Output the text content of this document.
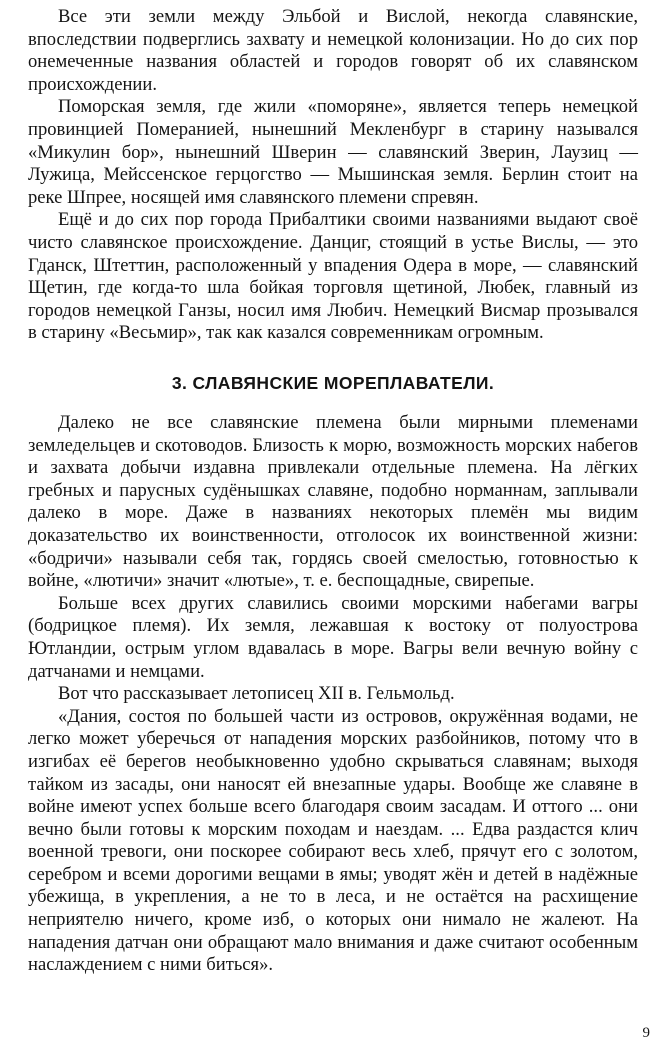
Все эти земли между Эльбой и Вислой, некогда славянские, впоследствии подверглись захвату и немецкой колонизации. Но до сих пор онемеченные названия областей и городов говорят об их славянском происхождении.

Поморская земля, где жили «поморяне», является теперь немецкой провинцией Померанией, нынешний Мекленбург в старину назывался «Микулин бор», нынешний Шверин — славянский Зверин, Лаузиц — Лужица, Мейссенское герцогство — Мышинская земля. Берлин стоит на реке Шпрее, носящей имя славянского племени спревян.

Ещё и до сих пор города Прибалтики своими названиями выдают своё чисто славянское происхождение. Данциг, стоящий в устье Вислы, — это Гданск, Штеттин, расположенный у впадения Одера в море, — славянский Щетин, где когда-то шла бойкая торговля щетиной, Любек, главный из городов немецкой Ганзы, носил имя Любич. Немецкий Висмар прозывался в старину «Весьмир», так как казался современникам огромным.

3. СЛАВЯНСКИЕ МОРЕПЛАВАТЕЛИ.

Далеко не все славянские племена были мирными племенами земледельцев и скотоводов. Близость к морю, возможность морских набегов и захвата добычи издавна привлекали отдельные племена. На лёгких гребных и парусных судёнышках славяне, подобно норманнам, заплывали далеко в море. Даже в названиях некоторых племён мы видим доказательство их воинственности, отголосок их воинственной жизни: «бодричи» называли себя так, гордясь своей смелостью, готовностью к войне, «лютичи» значит «лютые», т. е. беспощадные, свирепые.

Больше всех других славились своими морскими набегами вагры (бодрицкое племя). Их земля, лежавшая к востоку от полуострова Ютландии, острым углом вдавалась в море. Вагры вели вечную войну с датчанами и немцами.

Вот что рассказывает летописец XII в. Гельмольд.

«Дания, состоя по большей части из островов, окружённая водами, не легко может уберечься от нападения морских разбойников, потому что в изгибах её берегов необыкновенно удобно скрываться славянам; выходя тайком из засады, они наносят ей внезапные удары. Вообще же славяне в войне имеют успех больше всего благодаря своим засадам. И оттого ... они вечно были готовы к морским походам и наездам. ... Едва раздастся клич военной тревоги, они поскорее собирают весь хлеб, прячут его с золотом, серебром и всеми дорогими вещами в ямы; уводят жён и детей в надёжные убежища, в укрепления, а не то в леса, и не остаётся на расхищение неприятелю ничего, кроме изб, о которых они нимало не жалеют. На нападения датчан они обращают мало внимания и даже считают особенным наслаждением с ними биться».

9
